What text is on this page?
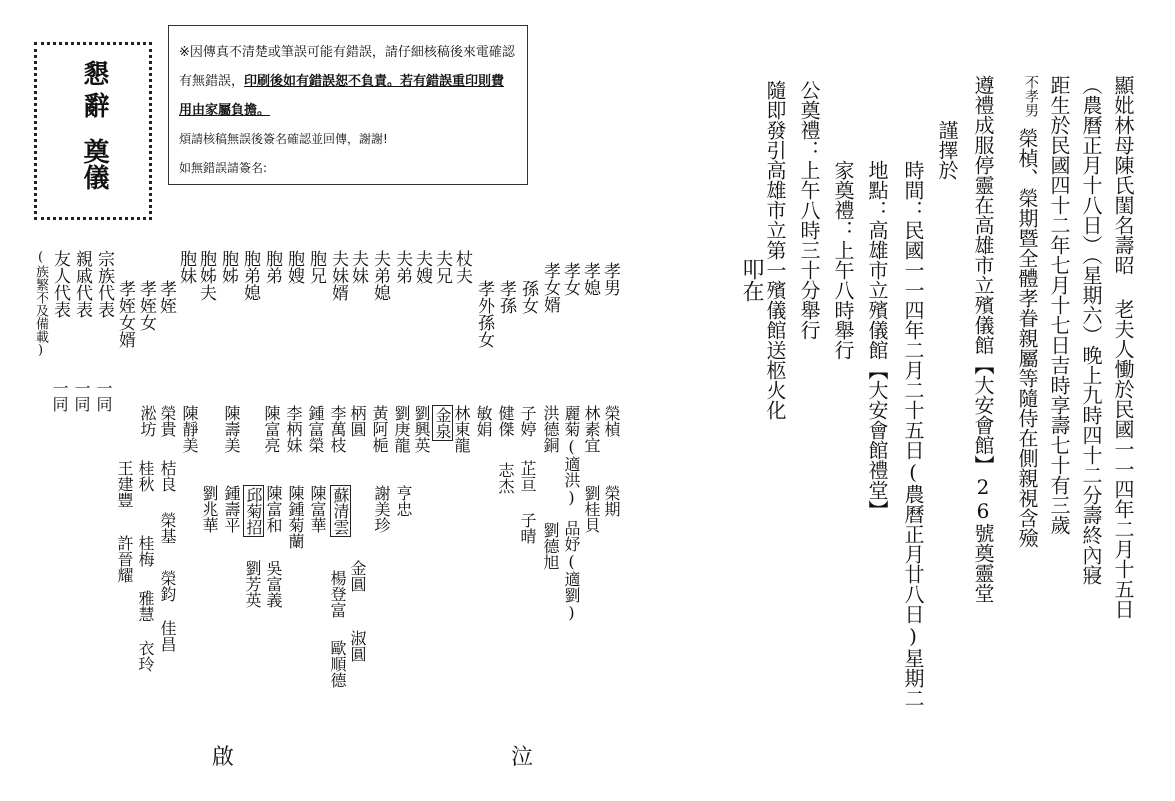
懇辭
奠儀
※因傳真不清楚或筆誤可能有錯誤，請仔細核稿後來電確認有無錯誤，印刷後如有錯誤恕不負責。若有錯誤重印則費用由家屬負擔。
煩請核稿無誤後簽名確認並回傳，謝謝!
如無錯誤請簽名:
孝男
榮楨
榮期
孝媳
林素宜
劉桂貝
孝女
麗菊(適洪)
品妤(適劉)
孝女婿
洪德銅
劉德旭
孫女
子婷
芷亘
子晴
孝孫
健傑
志杰
孝外孫女
敏娟
杖夫
林東龍
夫兄
金泉
夫嫂
劉興英
夫弟
劉庚龍
夫弟媳
黃阿梔
夫妹
柄圓
夫妹婿
李萬枝
胞兄
鍾富榮
胞嫂
李柄妹
胞弟
陳富亮
胞弟媳
陳壽美
胞姊
陳靜美
胞姊夫
榮貴
胞妹
淞坊
孝姪
桔良
孝姪女
桂秋
孝姪女婿
王建豐
宗族代表
一同
親戚代表
一同
友人代表
一同
(族繁不及備載)
亨忠
謝美珍
蘇清雲
陳富華
陳鍾菊蘭
邱菊招
鍾壽平
劉兆華
金圓
楊登富
淑圓
歐順德
吳富義
劉芳英
陳富和
榮基
榮鈞
佳昌
桂梅
雅慧
衣玲
許晉耀	顯妣林母陳氏閨名壽昭 老夫人慟於民國一一四年二月十五日
（農曆正月十八日）（星期六）晚上九時四十二分壽終內寢
距生於民國四十二年七月十七日吉時享壽七十有三歲
不孝男
榮楨、榮期暨全體孝眷親屬等隨侍在側親視含殮
遵禮成服停靈在高雄市立殯儀館【大安會館】26號奠靈堂
謹擇於
時間：民國一一四年二月二十五日(農曆正月廿八日)星期二
地點：高雄市立殯儀館【大安會館禮堂】
家奠禮：上午八時舉行
公奠禮：上午八時三十分舉行
隨即發引高雄市立第一殯儀館送柩火化
叩在
啟	泣
